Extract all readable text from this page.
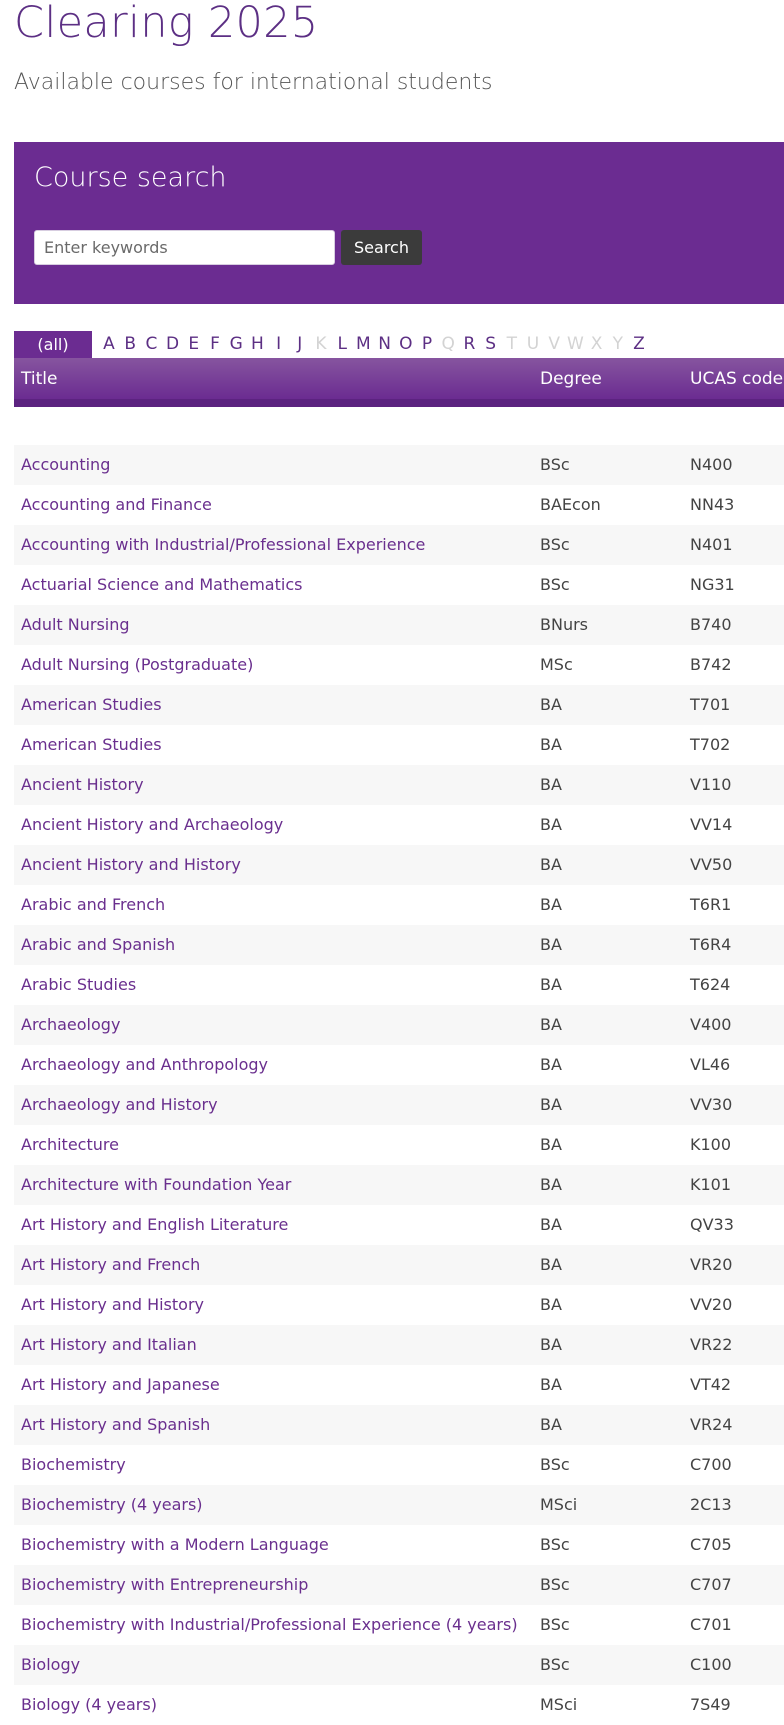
Clearing 2025
Available courses for international students
Course search
Enter keywords
Search
(all)	A B C D E F G H I J K L M N O P Q R S T U V W X Y Z
Title	Degree	UCAS code
Accounting	BSc	N400
Accounting and Finance	BAEcon	NN43
Accounting with Industrial/Professional Experience	BSc	N401
Actuarial Science and Mathematics	BSc	NG31
Adult Nursing	BNurs	B740
Adult Nursing (Postgraduate)	MSc	B742
American Studies	BA	T701
American Studies	BA	T702
Ancient History	BA	V110
Ancient History and Archaeology	BA	VV14
Ancient History and History	BA	VV50
Arabic and French	BA	T6R1
Arabic and Spanish	BA	T6R4
Arabic Studies	BA	T624
Archaeology	BA	V400
Archaeology and Anthropology	BA	VL46
Archaeology and History	BA	VV30
Architecture	BA	K100
Architecture with Foundation Year	BA	K101
Art History and English Literature	BA	QV33
Art History and French	BA	VR20
Art History and History	BA	VV20
Art History and Italian	BA	VR22
Art History and Japanese	BA	VT42
Art History and Spanish	BA	VR24
Biochemistry	BSc	C700
Biochemistry (4 years)	MSci	2C13
Biochemistry with a Modern Language	BSc	C705
Biochemistry with Entrepreneurship	BSc	C707
Biochemistry with Industrial/Professional Experience (4 years) BSc	C701
Biology	BSc	C100
Biology (4 years)	MSci	7S49
